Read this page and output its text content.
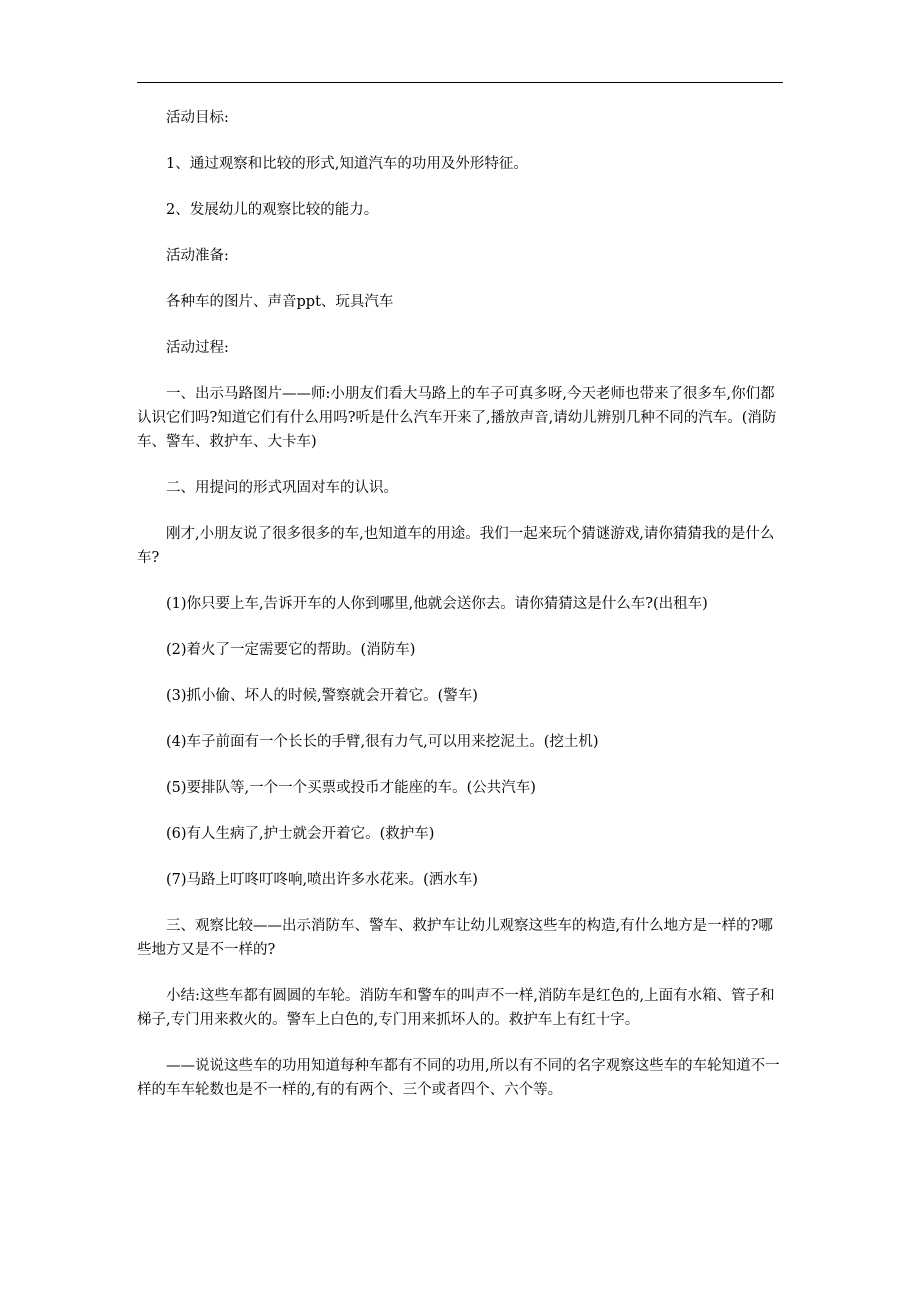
活动目标:

1、通过观察和比较的形式,知道汽车的功用及外形特征。

2、发展幼儿的观察比较的能力。

活动准备:

各种车的图片、声音ppt、玩具汽车

活动过程:

一、出示马路图片——师:小朋友们看大马路上的车子可真多呀,今天老师也带来了很多车,你们都认识它们吗?知道它们有什么用吗?听是什么汽车开来了,播放声音,请幼儿辨别几种不同的汽车。(消防车、警车、救护车、大卡车)

二、用提问的形式巩固对车的认识。

刚才,小朋友说了很多很多的车,也知道车的用途。我们一起来玩个猜谜游戏,请你猜猜我的是什么车?

(1)你只要上车,告诉开车的人你到哪里,他就会送你去。请你猜猜这是什么车?(出租车)

(2)着火了一定需要它的帮助。(消防车)

(3)抓小偷、坏人的时候,警察就会开着它。(警车)

(4)车子前面有一个长长的手臂,很有力气,可以用来挖泥土。(挖土机)

(5)要排队等,一个一个买票或投币才能座的车。(公共汽车)

(6)有人生病了,护士就会开着它。(救护车)

(7)马路上叮咚叮咚响,喷出许多水花来。(洒水车)

三、观察比较——出示消防车、警车、救护车让幼儿观察这些车的构造,有什么地方是一样的?哪些地方又是不一样的?

小结:这些车都有圆圆的车轮。消防车和警车的叫声不一样,消防车是红色的,上面有水箱、管子和梯子,专门用来救火的。警车上白色的,专门用来抓坏人的。救护车上有红十字。

——说说这些车的功用知道每种车都有不同的功用,所以有不同的名字观察这些车的车轮知道不一样的车车轮数也是不一样的,有的有两个、三个或者四个、六个等。
